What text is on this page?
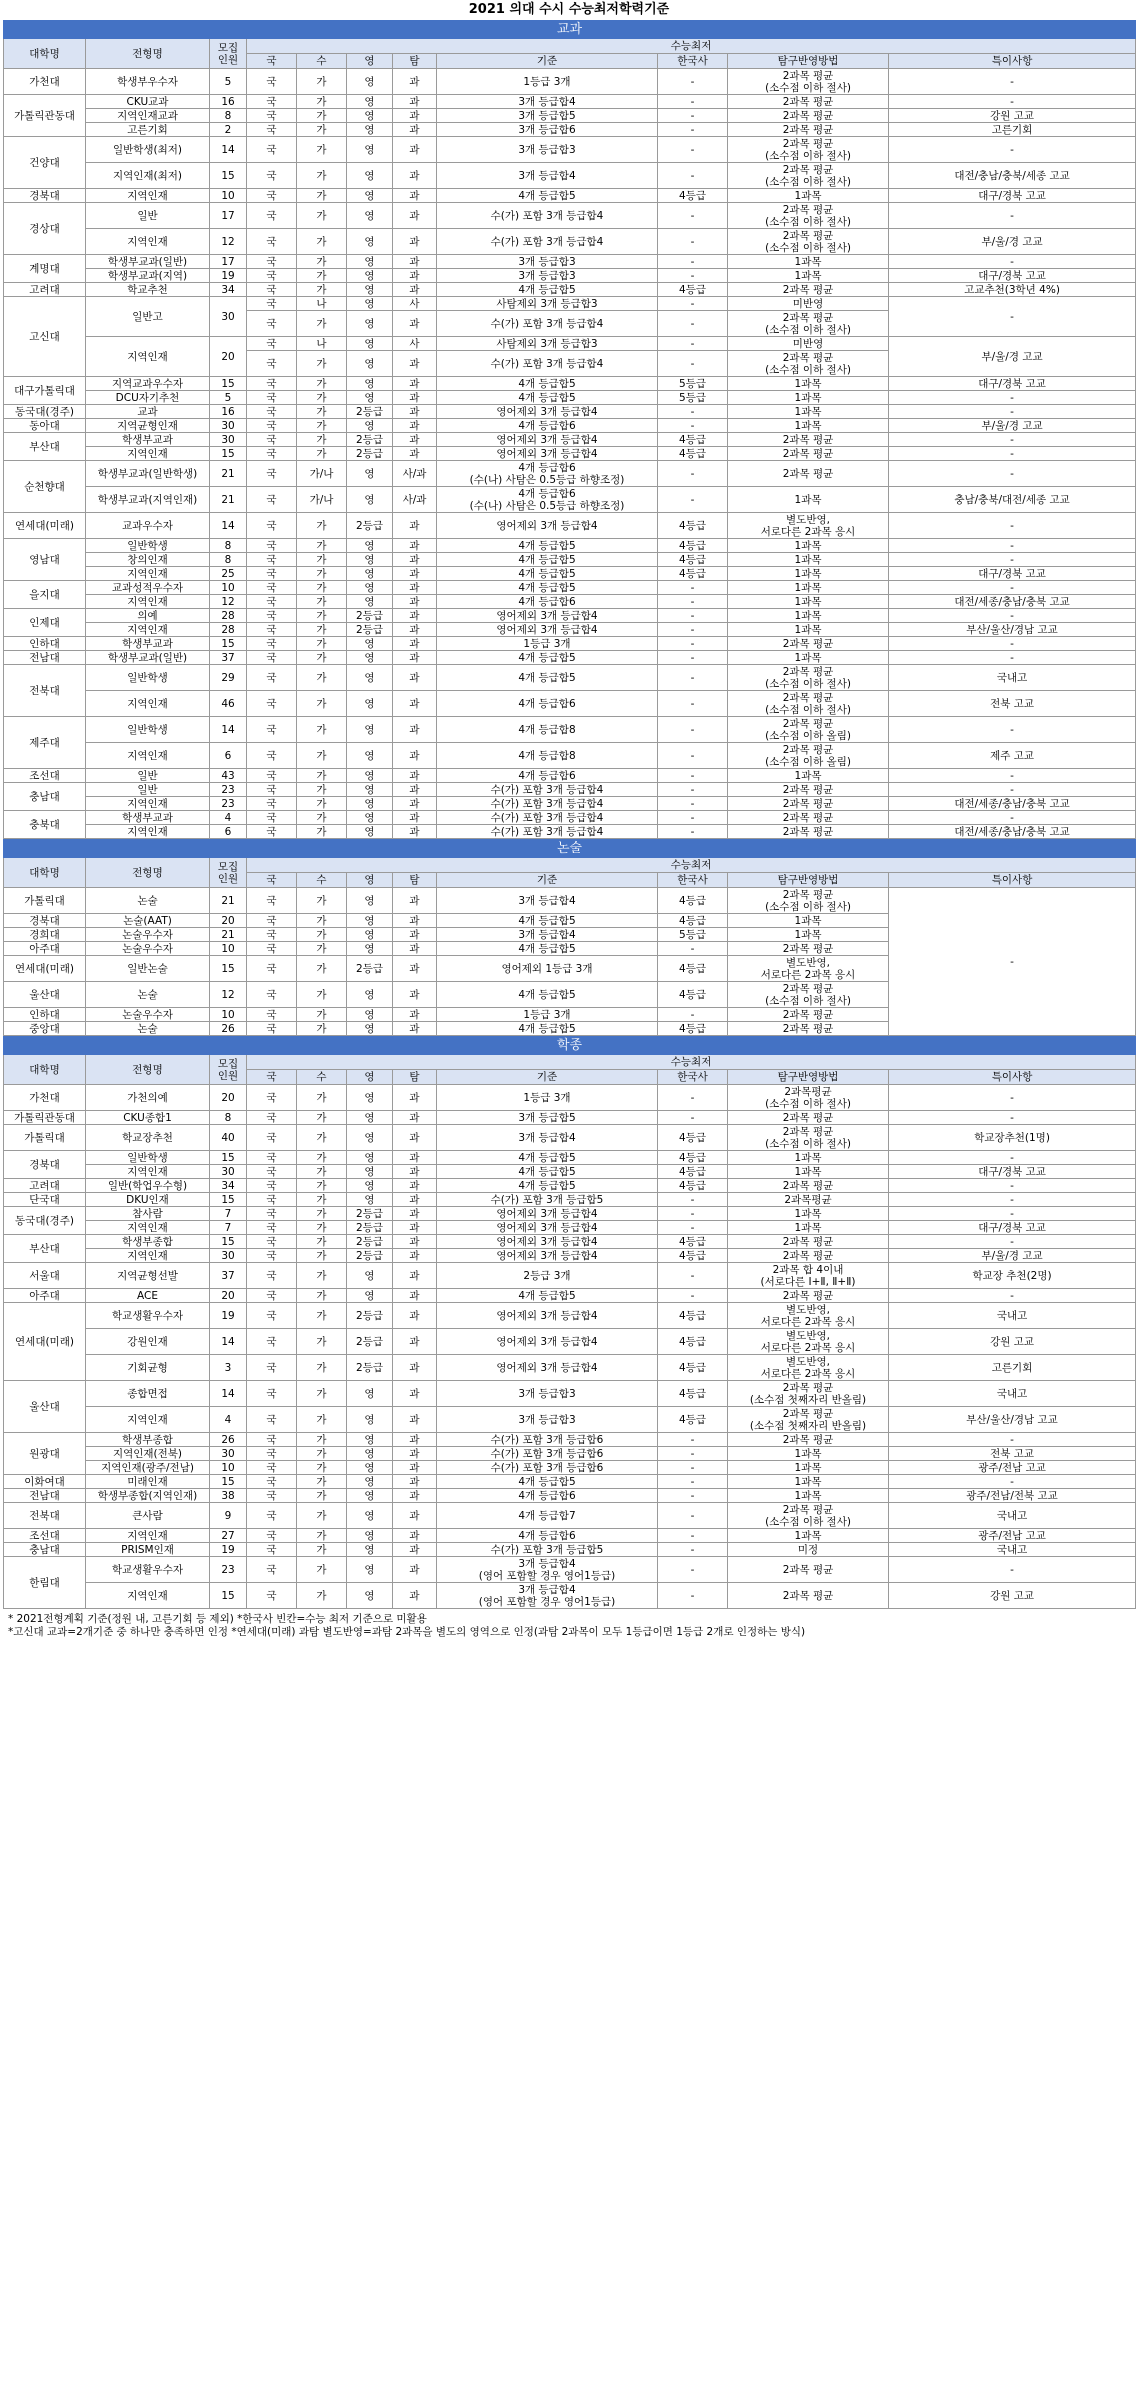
2021 의대 수시 수능최저학력기준
교과										
대학명	전형명	모집
인원	수능최저							
			국	수	영	탐	기준	한국사	탐구반영방법	특이사항
가천대	학생부우수자	5	국	가	영	과	1등급 3개	-	2과목 평균
(소수점 이하 절사)	-
가톨릭관동대	CKU교과	16	국	가	영	과	3개 등급합4	-	2과목 평균	-
	지역인재교과	8	국	가	영	과	3개 등급합5	-	2과목 평균	강원 고교
	고른기회	2	국	가	영	과	3개 등급합6	-	2과목 평균	고른기회
건양대	일반학생(최저)	14	국	가	영	과	3개 등급합3	-	2과목 평균
(소수점 이하 절사)	-
	지역인재(최저)	15	국	가	영	과	3개 등급합4	-	2과목 평균
(소수점 이하 절사)	대전/충남/충북/세종 고교
경북대	지역인재	10	국	가	영	과	4개 등급합5	4등급	1과목	대구/경북 고교
경상대	일반	17	국	가	영	과	수(가) 포함 3개 등급합4	-	2과목 평균
(소수점 이하 절사)	-
	지역인재	12	국	가	영	과	수(가) 포함 3개 등급합4	-	2과목 평균
(소수점 이하 절사)	부/울/경 고교
계명대	학생부교과(일반)	17	국	가	영	과	3개 등급합3	-	1과목	-
	학생부교과(지역)	19	국	가	영	과	3개 등급합3	-	1과목	대구/경북 고교
고려대	학교추천	34	국	가	영	과	4개 등급합5	4등급	2과목 평균	고교추천(3학년 4%)
고신대	일반고	30	국	나	영	사	사탐제외 3개 등급합3	-	미반영	-
			국	가	영	과	수(가) 포함 3개 등급합4	-	2과목 평균
(소수점 이하 절사)	
	지역인재	20	국	나	영	사	사탐제외 3개 등급합3	-	미반영	부/울/경 고교
			국	가	영	과	수(가) 포함 3개 등급합4	-	2과목 평균
(소수점 이하 절사)	
대구가톨릭대	지역교과우수자	15	국	가	영	과	4개 등급합5	5등급	1과목	대구/경북 고교
	DCU자기추천	5	국	가	영	과	4개 등급합5	5등급	1과목	-
동국대(경주)	교과	16	국	가	2등급	과	영어제외 3개 등급합4	-	1과목	-
동아대	지역균형인재	30	국	가	영	과	4개 등급합6	-	1과목	부/울/경 고교
부산대	학생부교과	30	국	가	2등급	과	영어제외 3개 등급합4	4등급	2과목 평균	-
	지역인재	15	국	가	2등급	과	영어제외 3개 등급합4	4등급	2과목 평균	-
순천향대	학생부교과(일반학생)	21	국	가/나	영	사/과	4개 등급합6
(수(나) 사탐은 0.5등급 하향조정)	-	2과목 평균	-
	학생부교과(지역인재)	21	국	가/나	영	사/과	4개 등급합6
(수(나) 사탐은 0.5등급 하향조정)	-	1과목	충남/충북/대전/세종 고교
연세대(미래)	교과우수자	14	국	가	2등급	과	영어제외 3개 등급합4	4등급	별도반영,
서로다른 2과목 응시	-
영남대	일반학생	8	국	가	영	과	4개 등급합5	4등급	1과목	-
	창의인재	8	국	가	영	과	4개 등급합5	4등급	1과목	-
	지역인재	25	국	가	영	과	4개 등급합5	4등급	1과목	대구/경북 고교
을지대	교과성적우수자	10	국	가	영	과	4개 등급합5	-	1과목	-
	지역인재	12	국	가	영	과	4개 등급합6	-	1과목	대전/세종/충남/충북 고교
인제대	의예	28	국	가	2등급	과	영어제외 3개 등급합4	-	1과목	-
	지역인재	28	국	가	2등급	과	영어제외 3개 등급합4	-	1과목	부산/울산/경남 고교
인하대	학생부교과	15	국	가	영	과	1등급 3개	-	2과목 평균	-
전남대	학생부교과(일반)	37	국	가	영	과	4개 등급합5	-	1과목	-
전북대	일반학생	29	국	가	영	과	4개 등급합5	-	2과목 평균
(소수점 이하 절사)	국내고
	지역인재	46	국	가	영	과	4개 등급합6	-	2과목 평균
(소수점 이하 절사)	전북 고교
제주대	일반학생	14	국	가	영	과	4개 등급합8	-	2과목 평균
(소수점 이하 올림)	-
	지역인재	6	국	가	영	과	4개 등급합8	-	2과목 평균
(소수점 이하 올림)	제주 고교
조선대	일반	43	국	가	영	과	4개 등급합6	-	1과목	-
충남대	일반	23	국	가	영	과	수(가) 포함 3개 등급합4	-	2과목 평균	-
	지역인재	23	국	가	영	과	수(가) 포함 3개 등급합4	-	2과목 평균	대전/세종/충남/충북 고교
충북대	학생부교과	4	국	가	영	과	수(가) 포함 3개 등급합4	-	2과목 평균	-
	지역인재	6	국	가	영	과	수(가) 포함 3개 등급합4	-	2과목 평균	대전/세종/충남/충북 고교
논술										
대학명	전형명	모집
인원	수능최저							
			국	수	영	탐	기준	한국사	탐구반영방법	특이사항
가톨릭대	논술	21	국	가	영	과	3개 등급합4	4등급	2과목 평균
(소수점 이하 절사)	-
경북대	논술(AAT)	20	국	가	영	과	4개 등급합5	4등급	1과목	
경희대	논술우수자	21	국	가	영	과	3개 등급합4	5등급	1과목	
아주대	논술우수자	10	국	가	영	과	4개 등급합5	-	2과목 평균	
연세대(미래)	일반논술	15	국	가	2등급	과	영어제외 1등급 3개	4등급	별도반영,
서로다른 2과목 응시	
울산대	논술	12	국	가	영	과	4개 등급합5	4등급	2과목 평균
(소수점 이하 절사)	
인하대	논술우수자	10	국	가	영	과	1등급 3개	-	2과목 평균	
중앙대	논술	26	국	가	영	과	4개 등급합5	4등급	2과목 평균	
학종										
대학명	전형명	모집
인원	수능최저							
			국	수	영	탐	기준	한국사	탐구반영방법	특이사항
가천대	가천의예	20	국	가	영	과	1등급 3개	-	2과목평균
(소수점 이하 절사)	-
가톨릭관동대	CKU종합1	8	국	가	영	과	3개 등급합5	-	2과목 평균	-
가톨릭대	학교장추천	40	국	가	영	과	3개 등급합4	4등급	2과목 평균
(소수점 이하 절사)	학교장추천(1명)
경북대	일반학생	15	국	가	영	과	4개 등급합5	4등급	1과목	-
	지역인재	30	국	가	영	과	4개 등급합5	4등급	1과목	대구/경북 고교
고려대	일반(학업우수형)	34	국	가	영	과	4개 등급합5	4등급	2과목 평균	-
단국대	DKU인재	15	국	가	영	과	수(가) 포함 3개 등급합5	-	2과목평균	-
동국대(경주)	참사람	7	국	가	2등급	과	영어제외 3개 등급합4	-	1과목	-
	지역인재	7	국	가	2등급	과	영어제외 3개 등급합4	-	1과목	대구/경북 고교
부산대	학생부종합	15	국	가	2등급	과	영어제외 3개 등급합4	4등급	2과목 평균	-
	지역인재	30	국	가	2등급	과	영어제외 3개 등급합4	4등급	2과목 평균	부/울/경 고교
서울대	지역균형선발	37	국	가	영	과	2등급 3개	-	2과목 합 4이내
(서로다른 Ⅰ+Ⅱ, Ⅱ+Ⅱ)	학교장 추천(2명)
아주대	ACE	20	국	가	영	과	4개 등급합5	-	2과목 평균	-
연세대(미래)	학교생활우수자	19	국	가	2등급	과	영어제외 3개 등급합4	4등급	별도반영,
서로다른 2과목 응시	국내고
	강원인재	14	국	가	2등급	과	영어제외 3개 등급합4	4등급	별도반영,
서로다른 2과목 응시	강원 고교
	기회균형	3	국	가	2등급	과	영어제외 3개 등급합4	4등급	별도반영,
서로다른 2과목 응시	고른기회
울산대	종합면접	14	국	가	영	과	3개 등급합3	4등급	2과목 평균
(소수점 첫째자리 반올림)	국내고
	지역인재	4	국	가	영	과	3개 등급합3	4등급	2과목 평균
(소수점 첫째자리 반올림)	부산/울산/경남 고교
원광대	학생부종합	26	국	가	영	과	수(가) 포함 3개 등급합6	-	2과목 평균	-
	지역인재(전북)	30	국	가	영	과	수(가) 포함 3개 등급합6	-	1과목	전북 고교
	지역인재(광주/전남)	10	국	가	영	과	수(가) 포함 3개 등급합6	-	1과목	광주/전남 고교
이화여대	미래인재	15	국	가	영	과	4개 등급합5	-	1과목	-
전남대	학생부종합(지역인재)	38	국	가	영	과	4개 등급합6	-	1과목	광주/전남/전북 고교
전북대	큰사람	9	국	가	영	과	4개 등급합7	-	2과목 평균
(소수점 이하 절사)	국내고
조선대	지역인재	27	국	가	영	과	4개 등급합6	-	1과목	광주/전남 고교
충남대	PRISM인재	19	국	가	영	과	수(가) 포함 3개 등급합5	-	미정	국내고
한림대	학교생활우수자	23	국	가	영	과	3개 등급합4
(영어 포함할 경우 영어1등급)	-	2과목 평균	-
	지역인재	15	국	가	영	과	3개 등급합4
(영어 포함할 경우 영어1등급)	-	2과목 평균	강원 고교
* 2021전형계획 기준(정원 내, 고른기회 등 제외) *한국사 빈칸=수능 최저 기준으로 미활용
*고신대 교과=2개기준 중 하나만 충족하면 인정 *연세대(미래) 과탐 별도반영=과탐 2과목을 별도의 영역으로 인정(과탐 2과목이 모두 1등급이면 1등급 2개로 인정하는 방식)
